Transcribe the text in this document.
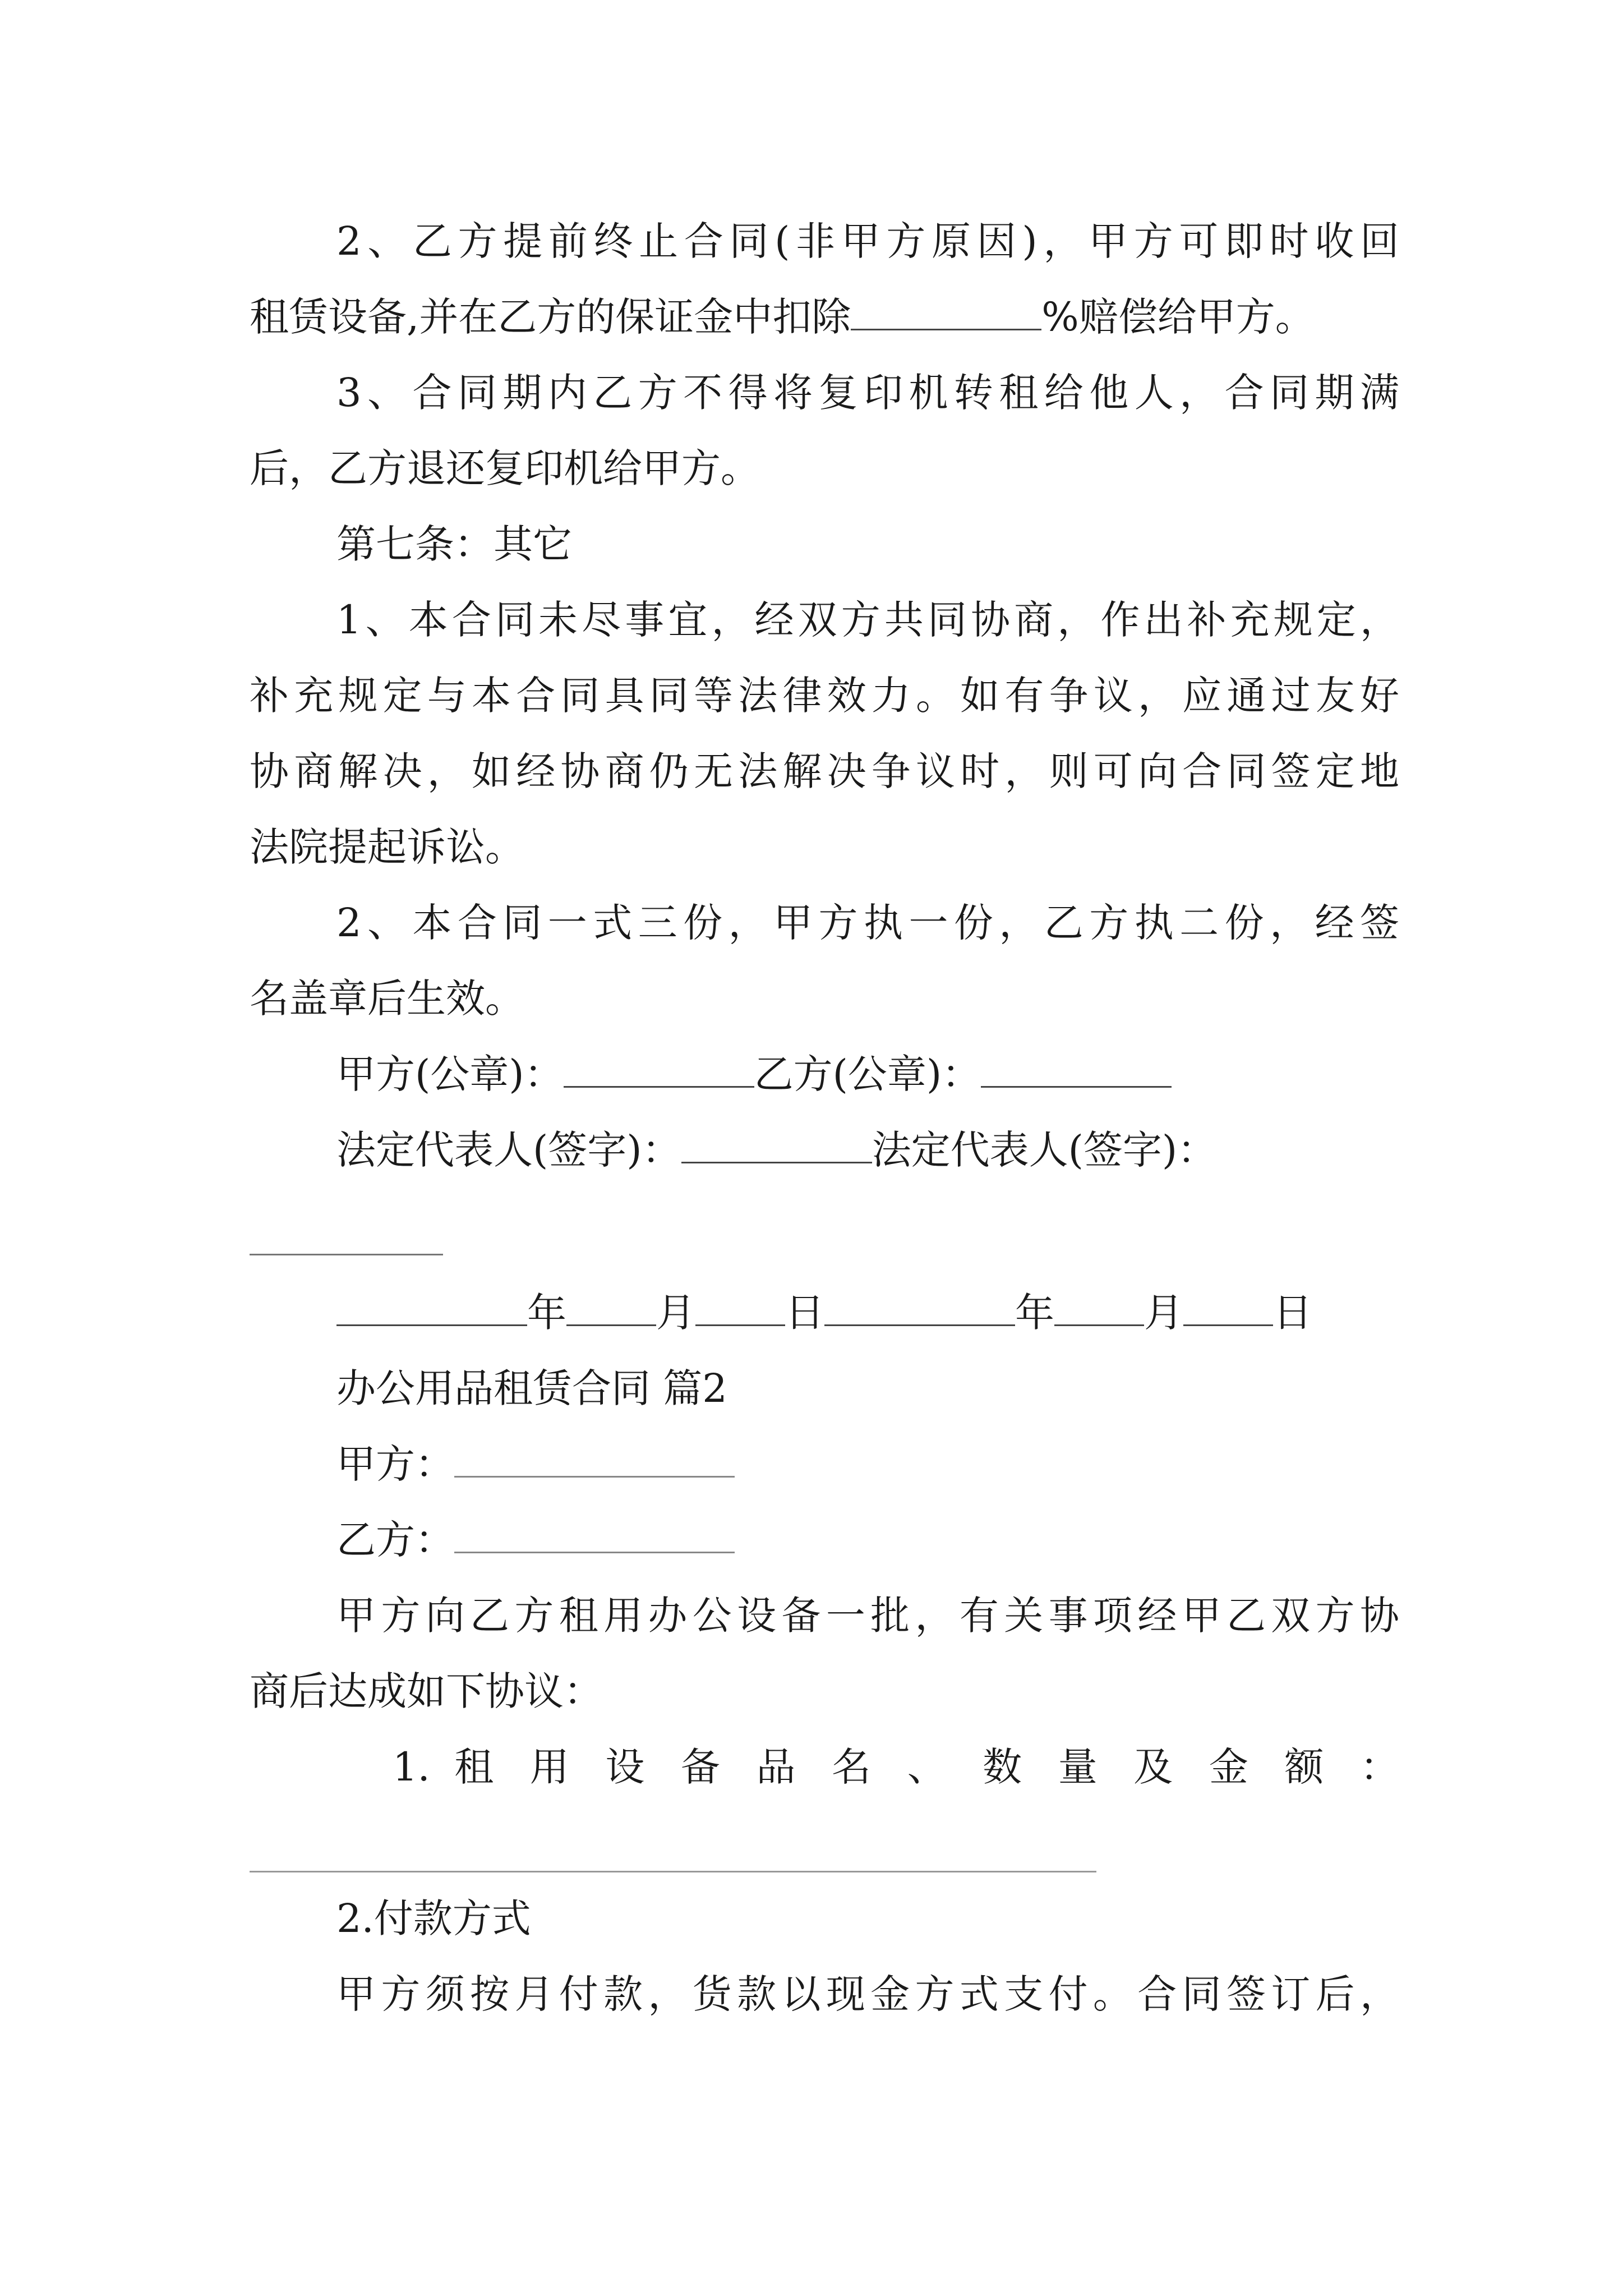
2、乙方提前终止合同(非甲方原因)，甲方可即时收回
租赁设备,并在乙方的保证金中扣除	%赔偿给甲方。
3、合同期内乙方不得将复印机转租给他人，合同期满
后，乙方退还复印机给甲方。
第七条：其它
1、本合同未尽事宜，经双方共同协商，作出补充规定，
补充规定与本合同具同等法律效力。如有争议，应通过友好
协商解决，如经协商仍无法解决争议时，则可向合同签定地
法院提起诉讼。
2、本合同一式三份，甲方执一份，乙方执二份，经签
名盖章后生效。
甲方(公章)：	乙方(公章)：
法定代表人(签字)：	法定代表人(签字)：
年 月 日	年 月 日
办公用品租赁合同 篇2
甲方：
乙方：
甲方向乙方租用办公设备一批，有关事项经甲乙双方协
商后达成如下协议：
1. 租 用 设 备 品 名 、 数 量 及 金 额 ：
2.付款方式
甲方须按月付款，货款以现金方式支付。合同签订后，
